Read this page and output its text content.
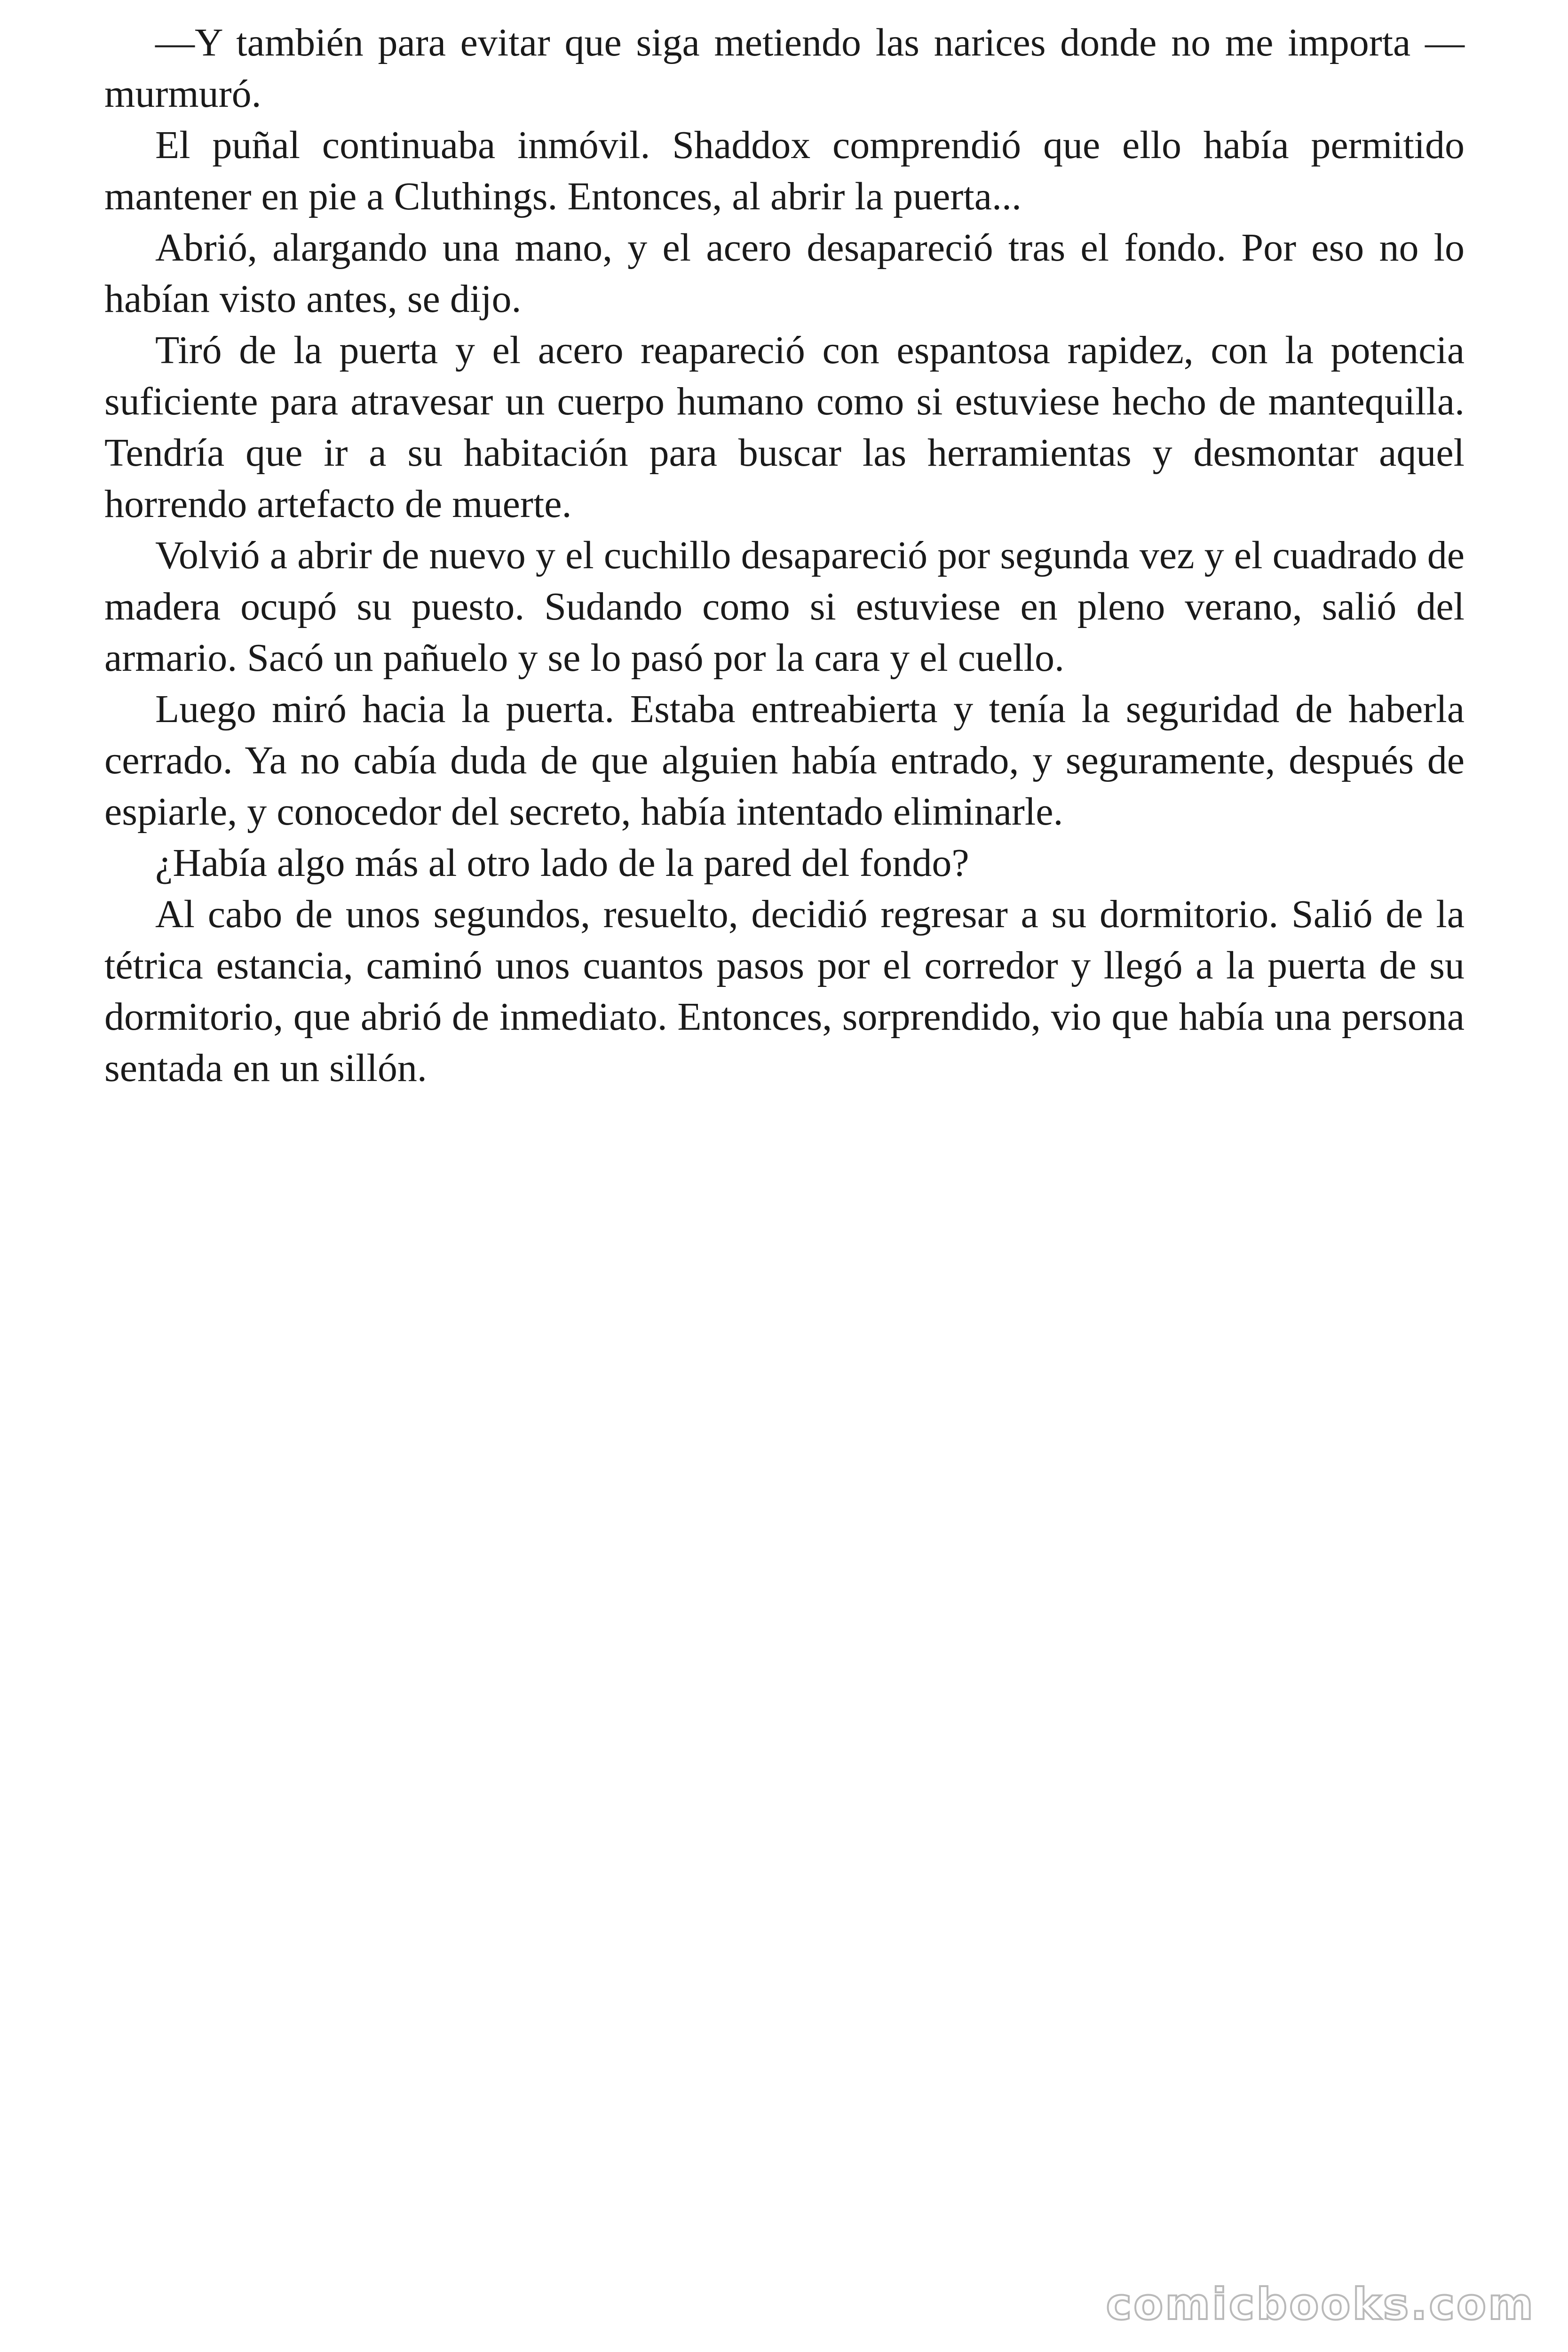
—Y también para evitar que siga metiendo las narices donde no me importa —murmuró.

El puñal continuaba inmóvil. Shaddox comprendió que ello había permitido mantener en pie a Cluthings. Entonces, al abrir la puerta...

Abrió, alargando una mano, y el acero desapareció tras el fondo. Por eso no lo habían visto antes, se dijo.

Tiró de la puerta y el acero reapareció con espantosa rapidez, con la potencia suficiente para atravesar un cuerpo humano como si estuviese hecho de mantequilla. Tendría que ir a su habitación para buscar las herramientas y desmontar aquel horrendo artefacto de muerte.

Volvió a abrir de nuevo y el cuchillo desapareció por segunda vez y el cuadrado de madera ocupó su puesto. Sudando como si estuviese en pleno verano, salió del armario. Sacó un pañuelo y se lo pasó por la cara y el cuello.

Luego miró hacia la puerta. Estaba entreabierta y tenía la seguridad de haberla cerrado. Ya no cabía duda de que alguien había entrado, y seguramente, después de espiarle, y conocedor del secreto, había intentado eliminarle.

¿Había algo más al otro lado de la pared del fondo?

Al cabo de unos segundos, resuelto, decidió regresar a su dormitorio. Salió de la tétrica estancia, caminó unos cuantos pasos por el corredor y llegó a la puerta de su dormitorio, que abrió de inmediato. Entonces, sorprendido, vio que había una persona sentada en un sillón.

comicbooks.com
